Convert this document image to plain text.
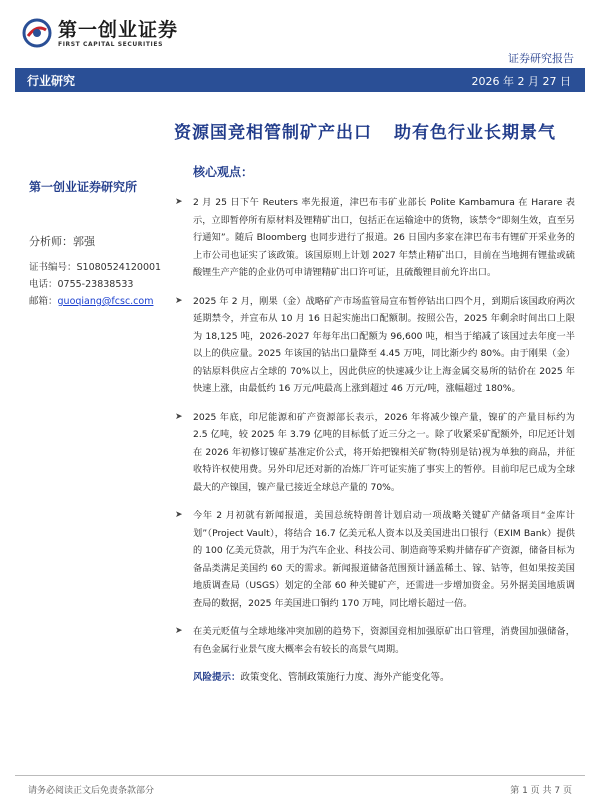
第一创业证券
FIRST CAPITAL SECURITIES
证券研究报告
行业研究	2026 年 2 月 27 日
资源国竞相管制矿产出口 助有色行业长期景气
第一创业证券研究所
分析师：郭强
证书编号：S1080524120001
电话：0755-23838533
邮箱：guoqiang@fcsc.com
核心观点：
➤ 2 月 25 日下午 Reuters 率先报道，津巴布韦矿业部长 Polite Kambamura 在 Harare 表示，立即暂停所有原材料及锂精矿出口，包括正在运输途中的货物，该禁令“即刻生效，直至另行通知”。随后 Bloomberg 也同步进行了报道。26 日国内多家在津巴布韦有锂矿开采业务的上市公司也证实了该政策。该国原则上计划 2027 年禁止精矿出口，目前在当地拥有锂盐或硫酸锂生产产能的企业仍可申请锂精矿出口许可证，且硫酸锂目前允许出口。
➤ 2025 年 2 月，刚果（金）战略矿产市场监管局宣布暂停钴出口四个月，到期后该国政府两次延期禁令，并宣布从 10 月 16 日起实施出口配额制。按照公告，2025 年剩余时间出口上限为 18,125 吨，2026-2027 年每年出口配额为 96,600 吨，相当于缩减了该国过去年度一半以上的供应量。2025 年该国的钴出口量降至 4.45 万吨，同比渐少约 80%。由于刚果（金）的钴原料供应占全球的 70%以上，因此供应的快速减少让上海金属交易所的钴价在 2025 年快速上涨，由最低约 16 万元/吨最高上涨到超过 46 万元/吨，涨幅超过 180%。
➤ 2025 年底，印尼能源和矿产资源部长表示，2026 年将减少镍产量，镍矿的产量目标约为 2.5 亿吨，较 2025 年 3.79 亿吨的目标低了近三分之一。除了收紧采矿配额外，印尼还计划在 2026 年初修订镍矿基准定价公式，将开始把镍相关矿物(特别是钴)视为单独的商品，并征收特许权使用费。另外印尼还对新的冶炼厂许可证实施了事实上的暂停。目前印尼已成为全球最大的产镍国，镍产量已接近全球总产量的 70%。
➤ 今年 2 月初就有新闻报道，美国总统特朗普计划启动一项战略关键矿产储备项目“金库计划”（Project Vault），将结合 16.7 亿美元私人资本以及美国进出口银行（EXIM Bank）提供的 100 亿美元贷款，用于为汽车企业、科技公司、制造商等采购并储存矿产资源，储备目标为备品类满足美国约 60 天的需求。新闻报道储备范围预计涵盖稀土、镓、钴等，但如果按美国地质调查局（USGS）划定的全部 60 种关键矿产，还需进一步增加资金。另外据美国地质调查局的数据，2025 年美国进口铜约 170 万吨，同比增长超过一倍。
➤ 在美元贬值与全球地缘冲突加剧的趋势下，资源国竞相加强原矿出口管理，消费国加强储备，有色金属行业景气度大概率会有较长的高景气周期。
风险提示：政策变化、管制政策施行力度、海外产能变化等。
请务必阅读正文后免责条款部分	第 1 页 共 7 页
